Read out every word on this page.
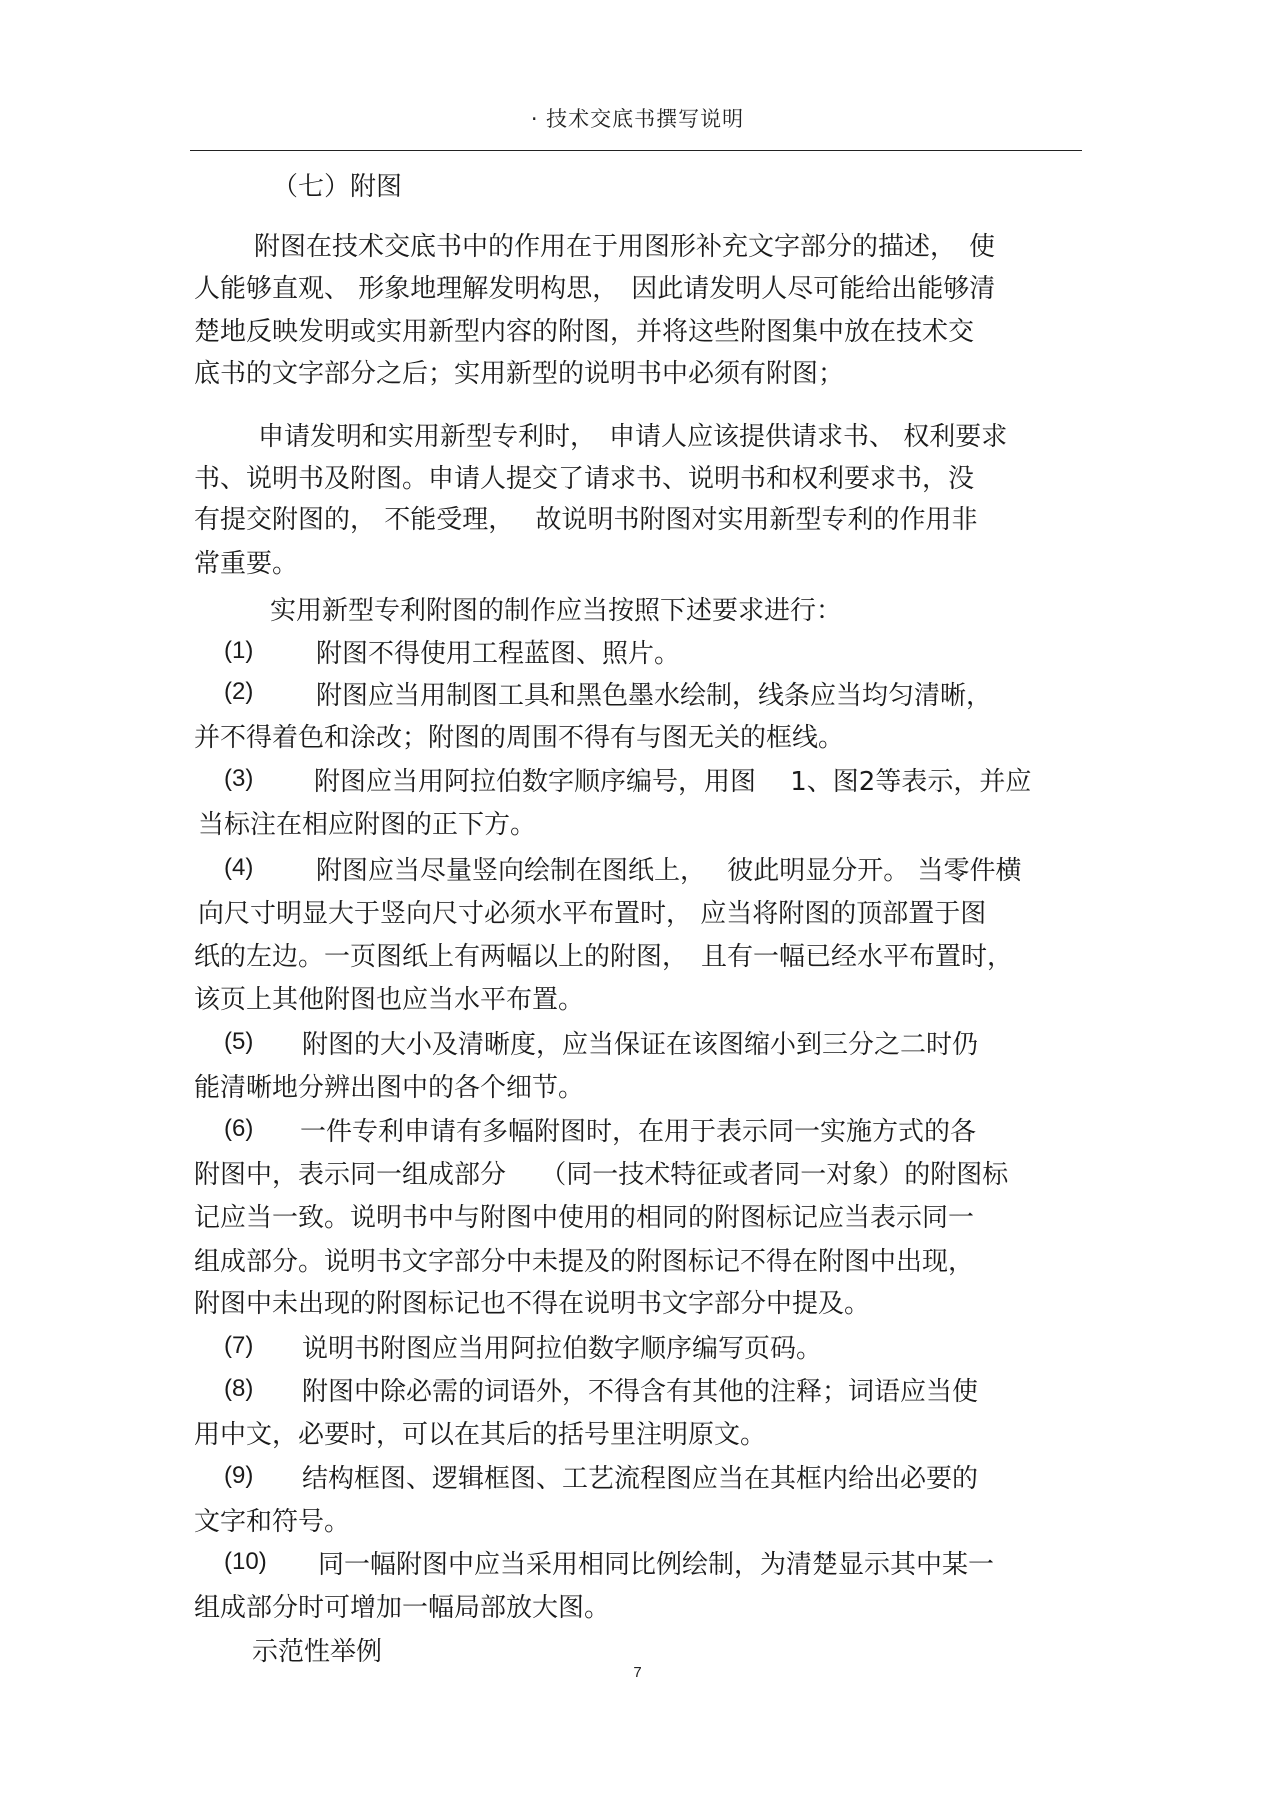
· 技术交底书撰写说明
（七）附图
附图在技术交底书中的作用在于用图形补充文字部分的描述，　使
人能够直观、 形象地理解发明构思，　因此请发明人尽可能给出能够清
楚地反映发明或实用新型内容的附图，并将这些附图集中放在技术交
底书的文字部分之后；实用新型的说明书中必须有附图；
申请发明和实用新型专利时，　申请人应该提供请求书、 权利要求
书、说明书及附图。申请人提交了请求书、说明书和权利要求书，没
有提交附图的， 不能受理，　 故说明书附图对实用新型专利的作用非
常重要。
实用新型专利附图的制作应当按照下述要求进行：
(1) 附图不得使用工程蓝图、照片。
(2) 附图应当用制图工具和黑色墨水绘制，线条应当均匀清晰，
并不得着色和涂改；附图的周围不得有与图无关的框线。
(3) 附图应当用阿拉伯数字顺序编号，用图　 1、图2等表示，并应
当标注在相应附图的正下方。
(4) 附图应当尽量竖向绘制在图纸上，　 彼此明显分开。 当零件横
向尺寸明显大于竖向尺寸必须水平布置时， 应当将附图的顶部置于图
纸的左边。一页图纸上有两幅以上的附图，　且有一幅已经水平布置时，
该页上其他附图也应当水平布置。
(5) 附图的大小及清晰度，应当保证在该图缩小到三分之二时仍
能清晰地分辨出图中的各个细节。
(6) 一件专利申请有多幅附图时，在用于表示同一实施方式的各
附图中，表示同一组成部分　 （同一技术特征或者同一对象）的附图标
记应当一致。说明书中与附图中使用的相同的附图标记应当表示同一
组成部分。说明书文字部分中未提及的附图标记不得在附图中出现，
附图中未出现的附图标记也不得在说明书文字部分中提及。
(7) 说明书附图应当用阿拉伯数字顺序编写页码。
(8) 附图中除必需的词语外，不得含有其他的注释；词语应当使
用中文，必要时，可以在其后的括号里注明原文。
(9) 结构框图、逻辑框图、工艺流程图应当在其框内给出必要的
文字和符号。
(10) 同一幅附图中应当采用相同比例绘制，为清楚显示其中某一
组成部分时可增加一幅局部放大图。
示范性举例
7
